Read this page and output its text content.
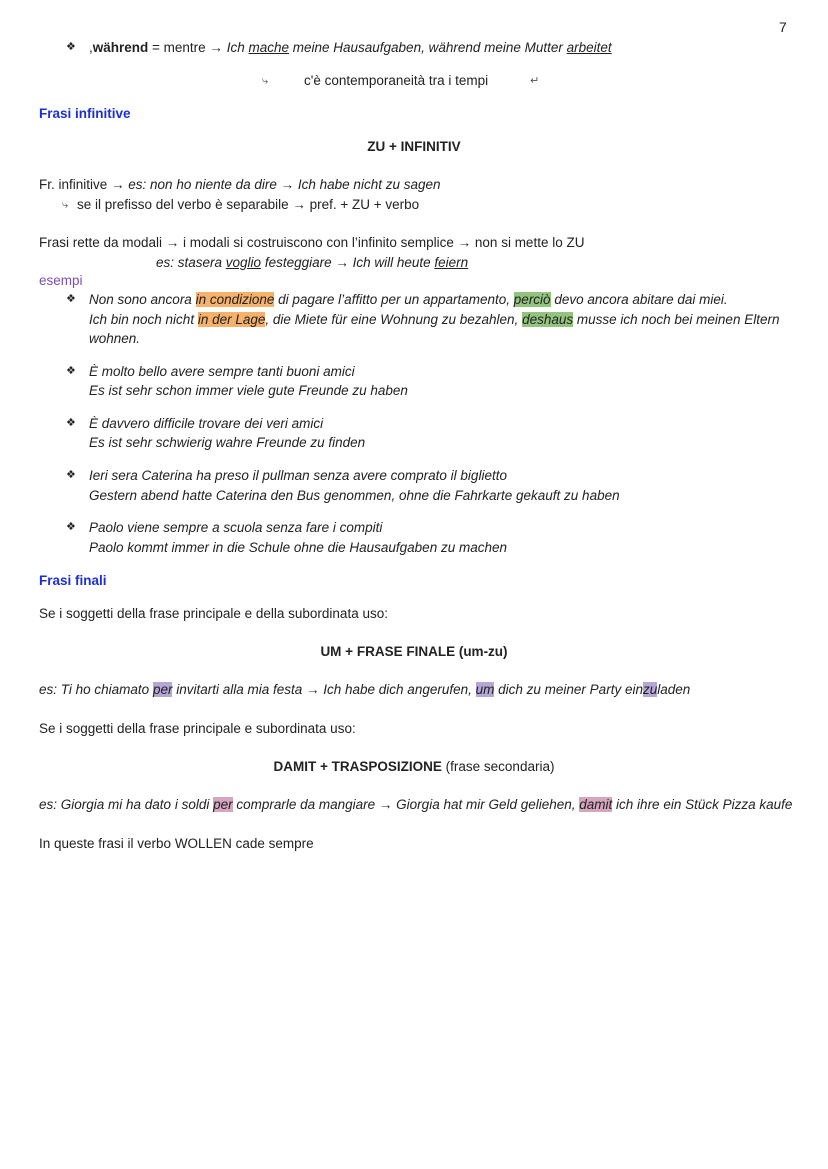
7
❖ ,während = mentre → Ich mache meine Hausaufgaben, während meine Mutter arbeitet
⤷	c'è contemporaneità tra i tempi	↵
Frasi infinitive
ZU + INFINITIV
Fr. infinitive → es: non ho niente da dire → Ich habe nicht zu sagen
⤷ se il prefisso del verbo è separabile → pref. + ZU + verbo
Frasi rette da modali → i modali si costruiscono con l’infinito semplice → non si mette lo ZU
es: stasera voglio festeggiare → Ich will heute feiern
esempi
❖ Non sono ancora in condizione di pagare l’affitto per un appartamento, perciò devo ancora abitare dai miei.
Ich bin noch nicht in der Lage, die Miete für eine Wohnung zu bezahlen, deshaus musse ich noch bei meinen Eltern
wohnen.
❖ È molto bello avere sempre tanti buoni amici
Es ist sehr schon immer viele gute Freunde zu haben
❖ È davvero difficile trovare dei veri amici
Es ist sehr schwierig wahre Freunde zu finden
❖ Ieri sera Caterina ha preso il pullman senza avere comprato il biglietto
Gestern abend hatte Caterina den Bus genommen, ohne die Fahrkarte gekauft zu haben
❖ Paolo viene sempre a scuola senza fare i compiti
Paolo kommt immer in die Schule ohne die Hausaufgaben zu machen
Frasi finali
Se i soggetti della frase principale e della subordinata uso:
UM + FRASE FINALE (um-zu)
es: Ti ho chiamato per invitarti alla mia festa → Ich habe dich angerufen, um dich zu meiner Party einzuladen
Se i soggetti della frase principale e subordinata uso:
DAMIT + TRASPOSIZIONE (frase secondaria)
es: Giorgia mi ha dato i soldi per comprarle da mangiare → Giorgia hat mir Geld geliehen, damit ich ihre ein Stück Pizza kaufe
In queste frasi il verbo WOLLEN cade sempre
